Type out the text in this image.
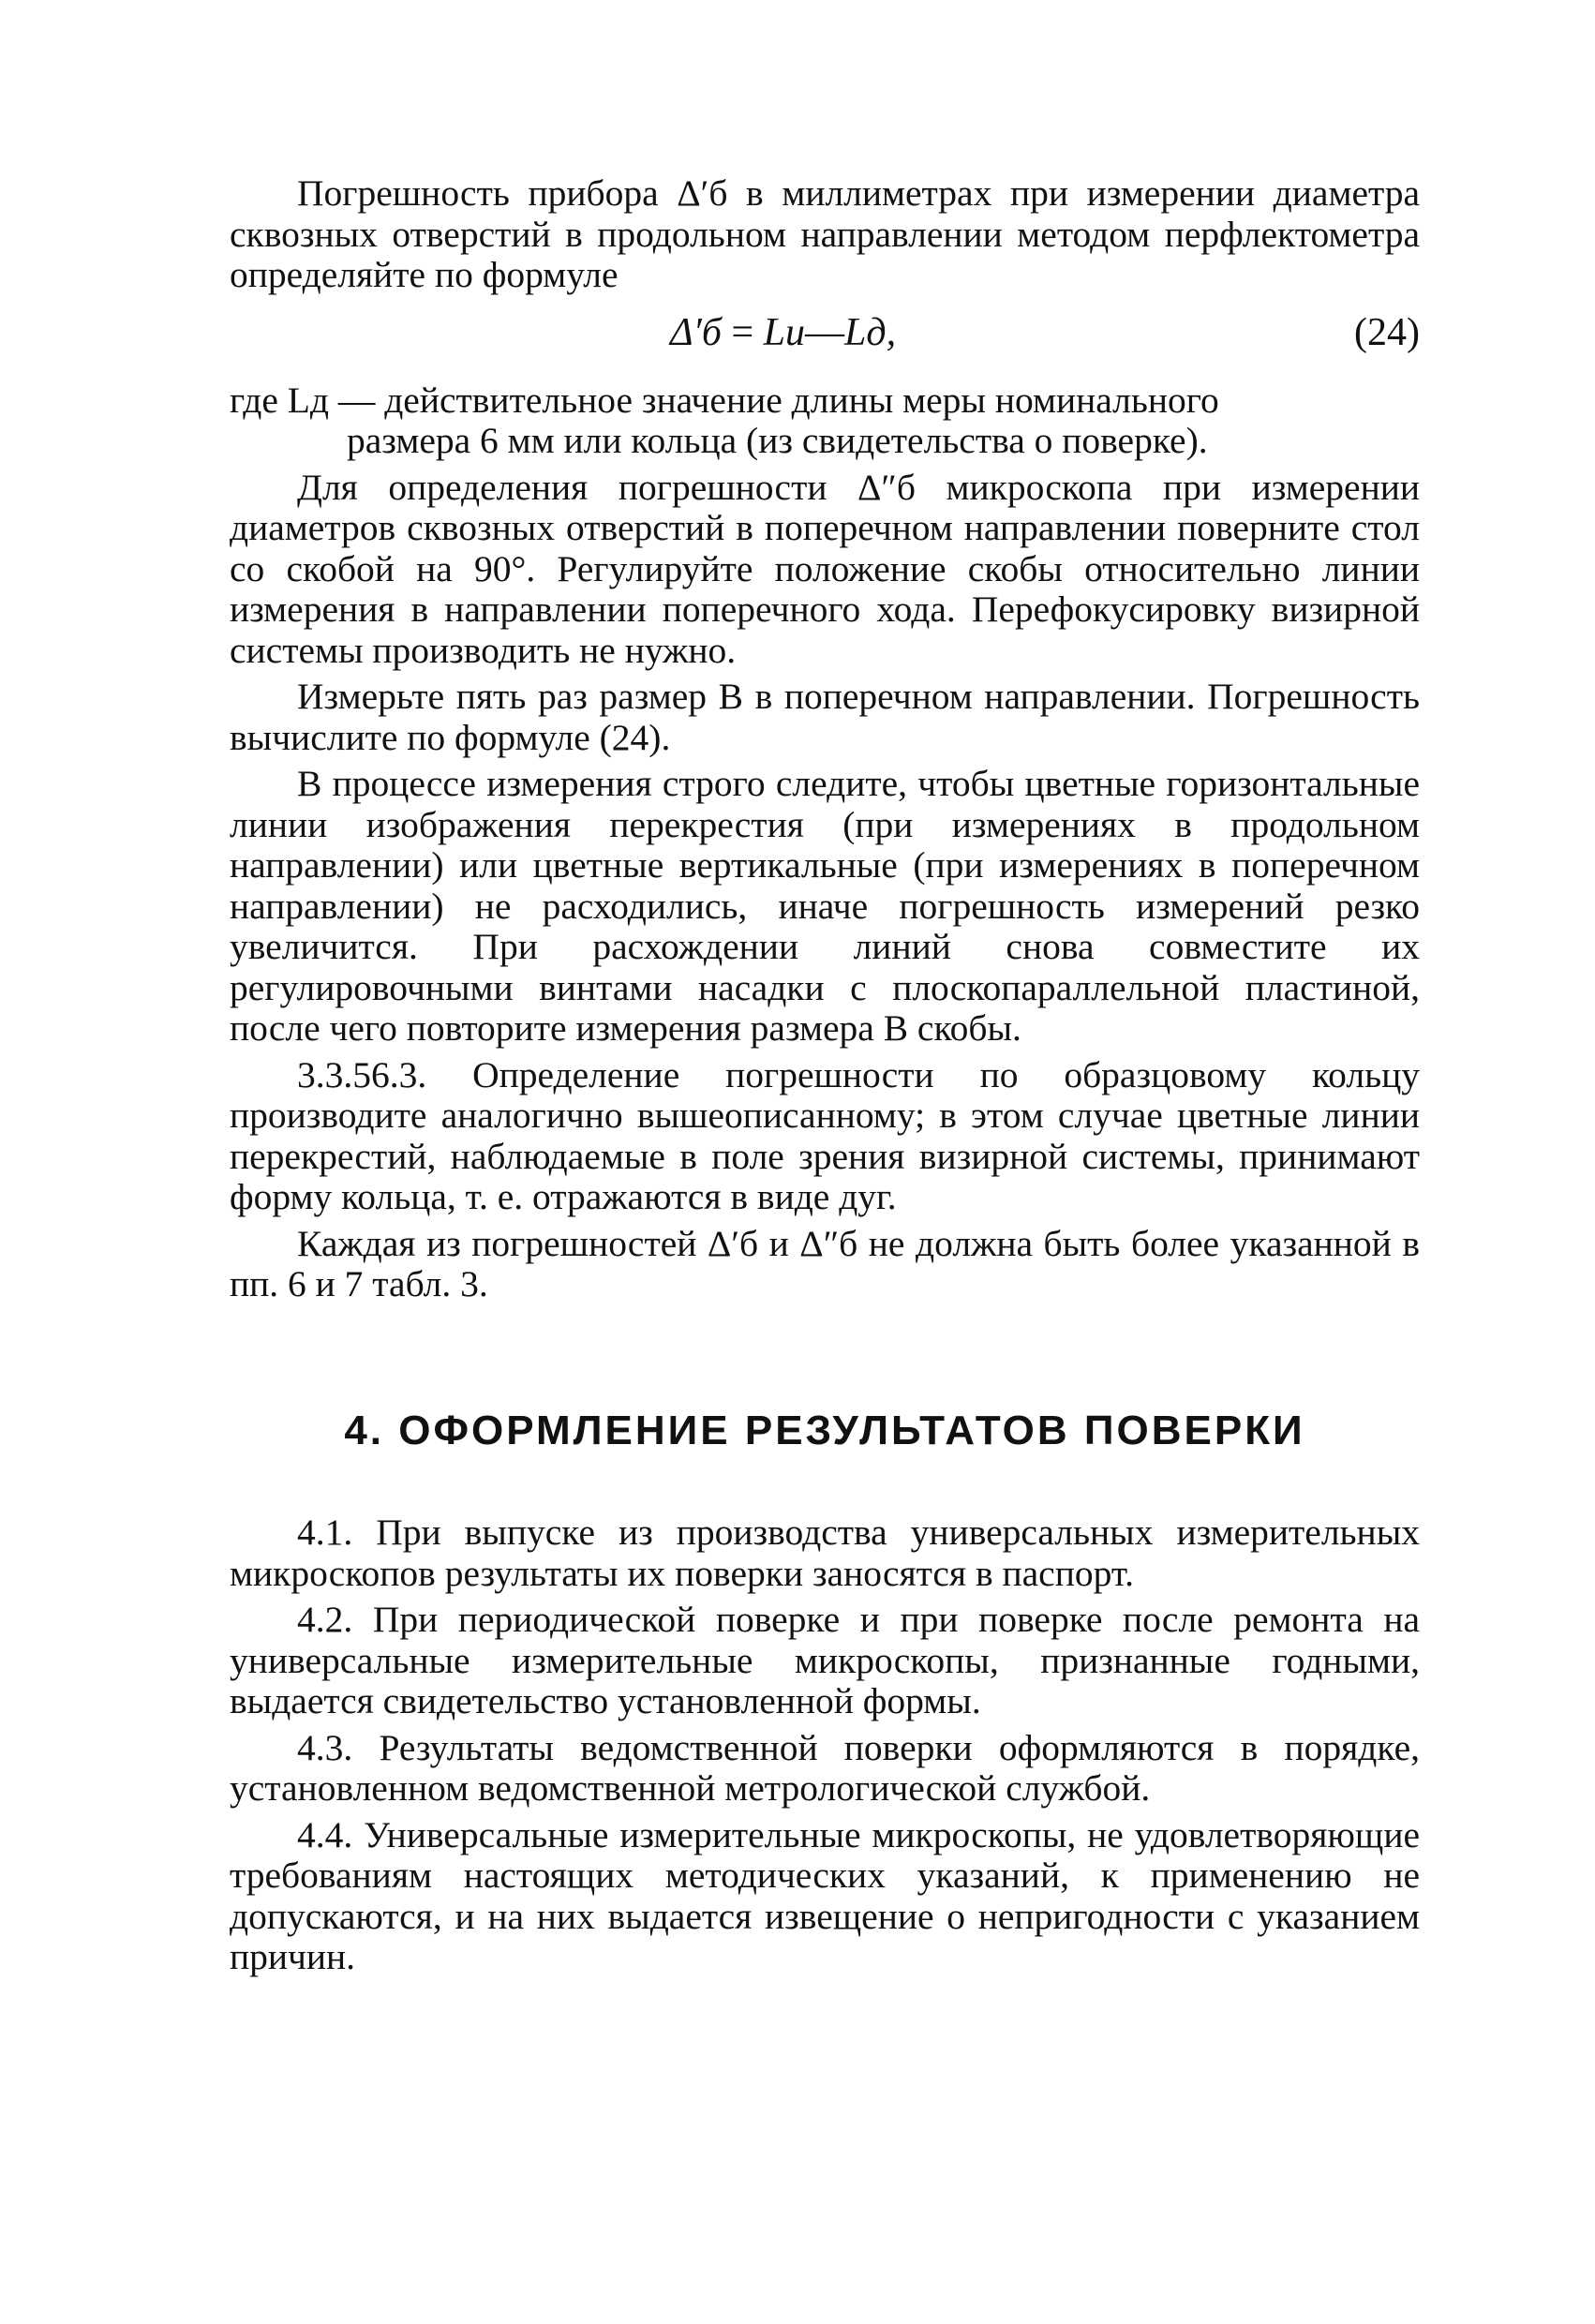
Погрешность прибора Δ′б в миллиметрах при измерении диаметра сквозных отверстий в продольном направлении методом перфлектометра определяйте по формуле

Δ′б = Lи—Lд,	(24)

где Lд — действительное значение длины меры номинального

размера 6 мм или кольца (из свидетельства о поверке).

Для определения погрешности Δ″б микроскопа при измерении диаметров сквозных отверстий в поперечном направлении поверните стол со скобой на 90°. Регулируйте положение скобы относительно линии измерения в направлении поперечного хода. Перефокусировку визирной системы производить не нужно.

Измерьте пять раз размер B в поперечном направлении. Погрешность вычислите по формуле (24).

В процессе измерения строго следите, чтобы цветные горизонтальные линии изображения перекрестия (при измерениях в продольном направлении) или цветные вертикальные (при измерениях в поперечном направлении) не расходились, иначе погрешность измерений резко увеличится. При расхождении линий снова совместите их регулировочными винтами насадки с плоскопараллельной пластиной, после чего повторите измерения размера B скобы.

3.3.56.3. Определение погрешности по образцовому кольцу производите аналогично вышеописанному; в этом случае цветные линии перекрестий, наблюдаемые в поле зрения визирной системы, принимают форму кольца, т. е. отражаются в виде дуг.

Каждая из погрешностей Δ′б и Δ″б не должна быть более указанной в пп. 6 и 7 табл. 3.

4. ОФОРМЛЕНИЕ РЕЗУЛЬТАТОВ ПОВЕРКИ

4.1. При выпуске из производства универсальных измерительных микроскопов результаты их поверки заносятся в паспорт.

4.2. При периодической поверке и при поверке после ремонта на универсальные измерительные микроскопы, признанные годными, выдается свидетельство установленной формы.

4.3. Результаты ведомственной поверки оформляются в порядке, установленном ведомственной метрологической службой.

4.4. Универсальные измерительные микроскопы, не удовлетворяющие требованиям настоящих методических указаний, к применению не допускаются, и на них выдается извещение о непригодности с указанием причин.
